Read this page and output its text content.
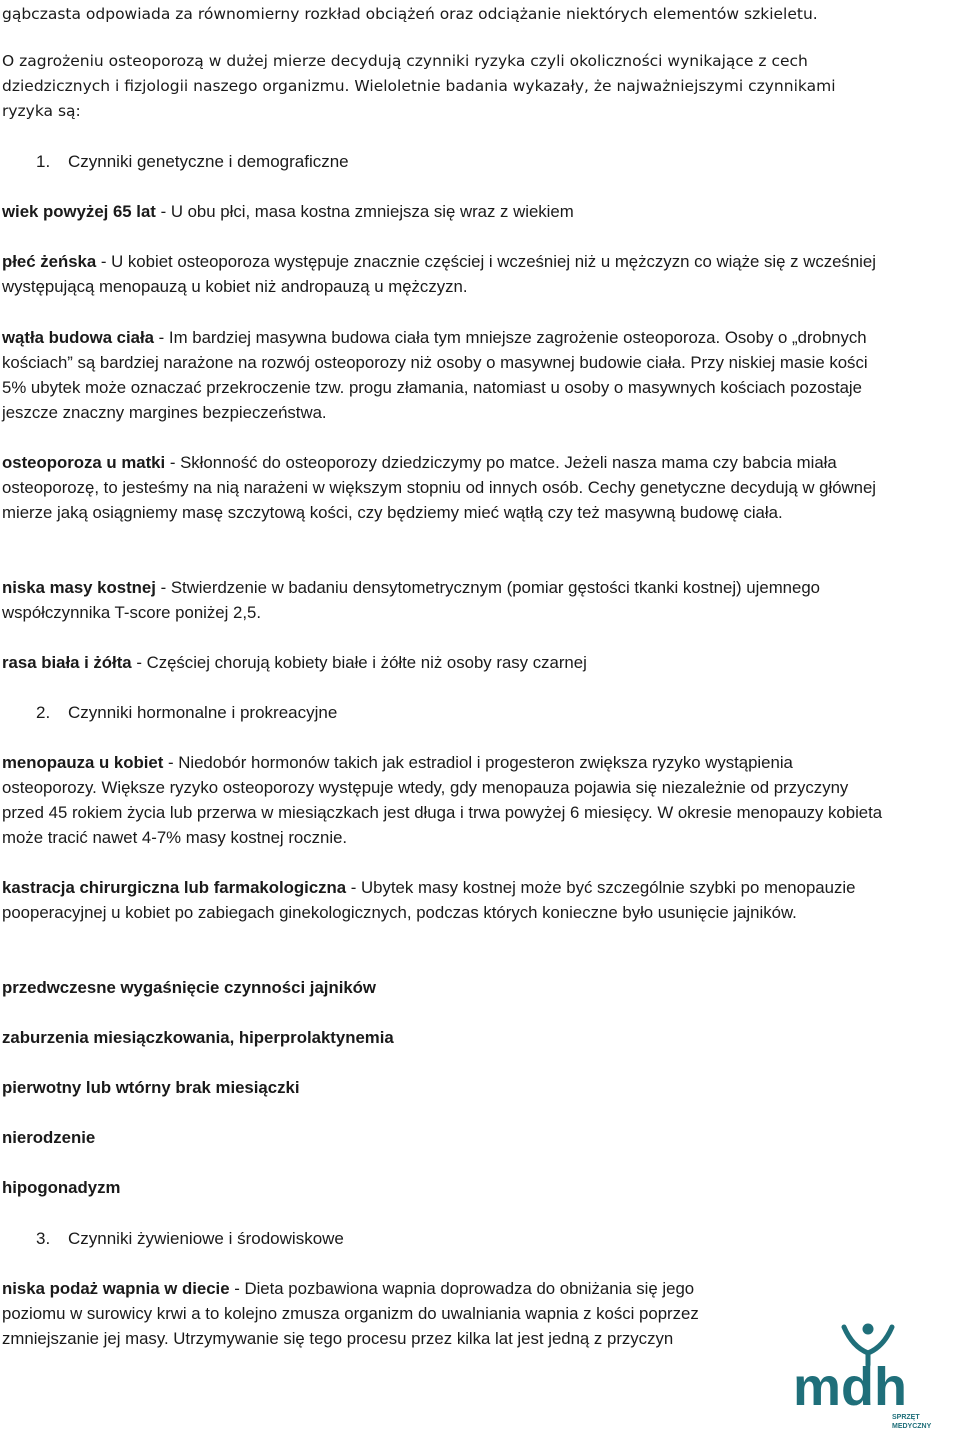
gąbczasta odpowiada za równomierny rozkład obciążeń oraz odciążanie niektórych elementów szkieletu.

O zagrożeniu osteoporozą w dużej mierze decydują czynniki ryzyka czyli okoliczności wynikające z cech dziedzicznych i fizjologii naszego organizmu. Wieloletnie badania wykazały, że najważniejszymi czynnikami ryzyka są:

1. Czynniki genetyczne i demograficzne

wiek powyżej 65 lat - U obu płci, masa kostna zmniejsza się wraz z wiekiem

płeć żeńska - U kobiet osteoporoza występuje znacznie częściej i wcześniej niż u mężczyzn co wiąże się z wcześniej występującą menopauzą u kobiet niż andropauzą u mężczyzn.

wątła budowa ciała - Im bardziej masywna budowa ciała tym mniejsze zagrożenie osteoporoza. Osoby o „drobnych kościach” są bardziej narażone na rozwój osteoporozy niż osoby o masywnej budowie ciała. Przy niskiej masie kości 5% ubytek może oznaczać przekroczenie tzw. progu złamania, natomiast u osoby o masywnych kościach pozostaje jeszcze znaczny margines bezpieczeństwa.

osteoporoza u matki - Skłonność do osteoporozy dziedziczymy po matce. Jeżeli nasza mama czy babcia miała osteoporozę, to jesteśmy na nią narażeni w większym stopniu od innych osób. Cechy genetyczne decydują w głównej mierze jaką osiągniemy masę szczytową kości, czy będziemy mieć wątłą czy też masywną budowę ciała.

niska masy kostnej - Stwierdzenie w badaniu densytometrycznym (pomiar gęstości tkanki kostnej) ujemnego współczynnika T-score poniżej 2,5.

rasa biała i żółta - Częściej chorują kobiety białe i żółte niż osoby rasy czarnej

2. Czynniki hormonalne i prokreacyjne

menopauza u kobiet - Niedobór hormonów takich jak estradiol i progesteron zwiększa ryzyko wystąpienia osteoporozy. Większe ryzyko osteoporozy występuje wtedy, gdy menopauza pojawia się niezależnie od przyczyny przed 45 rokiem życia lub przerwa w miesiączkach jest długa i trwa powyżej 6 miesięcy. W okresie menopauzy kobieta może tracić nawet 4-7% masy kostnej rocznie.

kastracja chirurgiczna lub farmakologiczna - Ubytek masy kostnej może być szczególnie szybki po menopauzie pooperacyjnej u kobiet po zabiegach ginekologicznych, podczas których konieczne było usunięcie jajników.

przedwczesne wygaśnięcie czynności jajników

zaburzenia miesiączkowania, hiperprolaktynemia

pierwotny lub wtórny brak miesiączki

nierodzenie

hipogonadyzm

3. Czynniki żywieniowe i środowiskowe

niska podaż wapnia w diecie - Dieta pozbawiona wapnia doprowadza do obniżania się jego poziomu w surowicy krwi a to kolejno zmusza organizm do uwalniania wapnia z kości poprzez zmniejszanie jej masy. Utrzymywanie się tego procesu przez kilka lat jest jedną z przyczyn

mdh
SPRZĘT
MEDYCZNY
